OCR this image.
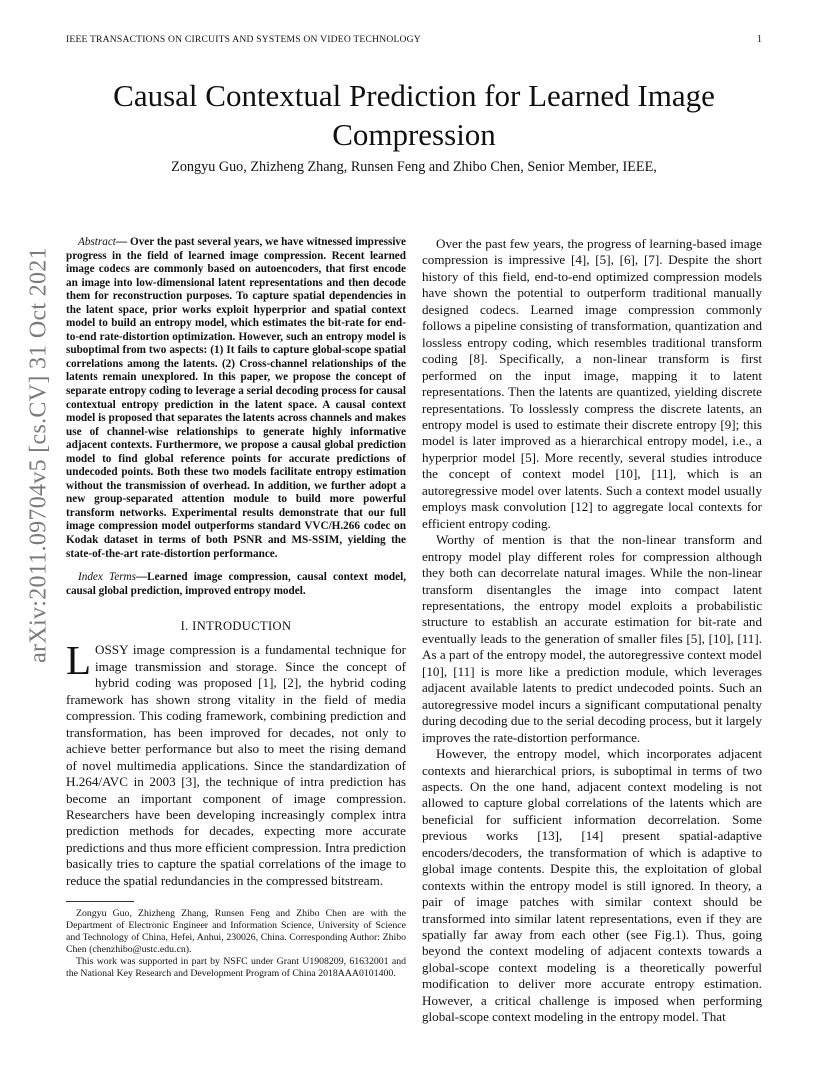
IEEE TRANSACTIONS ON CIRCUITS AND SYSTEMS ON VIDEO TECHNOLOGY	1
arXiv:2011.09704v5 [cs.CV] 31 Oct 2021
Causal Contextual Prediction for Learned Image Compression
Zongyu Guo, Zhizheng Zhang, Runsen Feng and Zhibo Chen, Senior Member, IEEE,

Abstract— Over the past several years, we have witnessed impressive progress in the field of learned image compression. Recent learned image codecs are commonly based on autoencoders, that first encode an image into low-dimensional latent representations and then decode them for reconstruction purposes. To capture spatial dependencies in the latent space, prior works exploit hyperprior and spatial context model to build an entropy model, which estimates the bit-rate for end-to-end rate-distortion optimization. However, such an entropy model is suboptimal from two aspects: (1) It fails to capture global-scope spatial correlations among the latents. (2) Cross-channel relationships of the latents remain unexplored. In this paper, we propose the concept of separate entropy coding to leverage a serial decoding process for causal contextual entropy prediction in the latent space. A causal context model is proposed that separates the latents across channels and makes use of channel-wise relationships to generate highly informative adjacent contexts. Furthermore, we propose a causal global prediction model to find global reference points for accurate predictions of undecoded points. Both these two models facilitate entropy estimation without the transmission of overhead. In addition, we further adopt a new group-separated attention module to build more powerful transform networks. Experimental results demonstrate that our full image compression model outperforms standard VVC/H.266 codec on Kodak dataset in terms of both PSNR and MS-SSIM, yielding the state-of-the-art rate-distortion performance.

Index Terms—Learned image compression, causal context model, causal global prediction, improved entropy model.

I. INTRODUCTION

LOSSY image compression is a fundamental technique for image transmission and storage. Since the concept of hybrid coding was proposed [1], [2], the hybrid coding framework has shown strong vitality in the field of media compression. This coding framework, combining prediction and transformation, has been improved for decades, not only to achieve better performance but also to meet the rising demand of novel multimedia applications. Since the standardization of H.264/AVC in 2003 [3], the technique of intra prediction has become an important component of image compression. Researchers have been developing increasingly complex intra prediction methods for decades, expecting more accurate predictions and thus more efficient compression. Intra prediction basically tries to capture the spatial correlations of the image to reduce the spatial redundancies in the compressed bitstream.

Zongyu Guo, Zhizheng Zhang, Runsen Feng and Zhibo Chen are with the Department of Electronic Engineer and Information Science, University of Science and Technology of China, Hefei, Anhui, 230026, China. Corresponding Author: Zhibo Chen (chenzhibo@ustc.edu.cn).

This work was supported in part by NSFC under Grant U1908209, 61632001 and the National Key Research and Development Program of China 2018AAA0101400.

Over the past few years, the progress of learning-based image compression is impressive [4], [5], [6], [7]. Despite the short history of this field, end-to-end optimized compression models have shown the potential to outperform traditional manually designed codecs. Learned image compression commonly follows a pipeline consisting of transformation, quantization and lossless entropy coding, which resembles traditional transform coding [8]. Specifically, a non-linear transform is first performed on the input image, mapping it to latent representations. Then the latents are quantized, yielding discrete representations. To losslessly compress the discrete latents, an entropy model is used to estimate their discrete entropy [9]; this model is later improved as a hierarchical entropy model, i.e., a hyperprior model [5]. More recently, several studies introduce the concept of context model [10], [11], which is an autoregressive model over latents. Such a context model usually employs mask convolution [12] to aggregate local contexts for efficient entropy coding.

Worthy of mention is that the non-linear transform and entropy model play different roles for compression although they both can decorrelate natural images. While the non-linear transform disentangles the image into compact latent representations, the entropy model exploits a probabilistic structure to establish an accurate estimation for bit-rate and eventually leads to the generation of smaller files [5], [10], [11]. As a part of the entropy model, the autoregressive context model [10], [11] is more like a prediction module, which leverages adjacent available latents to predict undecoded points. Such an autoregressive model incurs a significant computational penalty during decoding due to the serial decoding process, but it largely improves the rate-distortion performance.

However, the entropy model, which incorporates adjacent contexts and hierarchical priors, is suboptimal in terms of two aspects. On the one hand, adjacent context modeling is not allowed to capture global correlations of the latents which are beneficial for sufficient information decorrelation. Some previous works [13], [14] present spatial-adaptive encoders/decoders, the transformation of which is adaptive to global image contents. Despite this, the exploitation of global contexts within the entropy model is still ignored. In theory, a pair of image patches with similar context should be transformed into similar latent representations, even if they are spatially far away from each other (see Fig.1). Thus, going beyond the context modeling of adjacent contexts towards a global-scope context modeling is a theoretically powerful modification to deliver more accurate entropy estimation. However, a critical challenge is imposed when performing global-scope context modeling in the entropy model. That
